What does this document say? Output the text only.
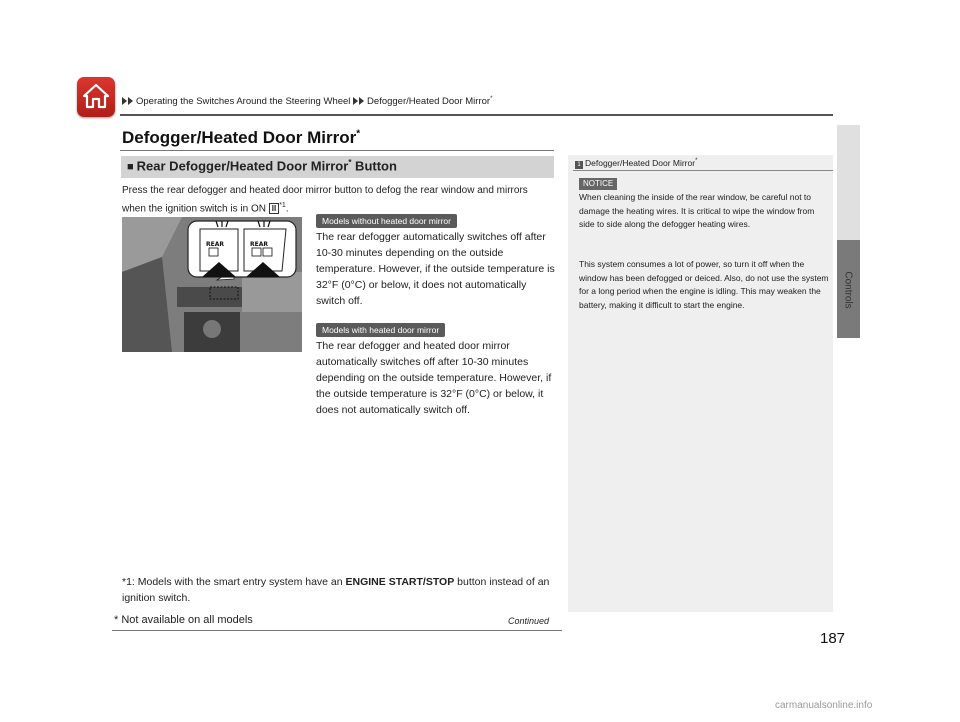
Operating the Switches Around the Steering Wheel Defogger/Heated Door Mirror*
Controls
Defogger/Heated Door Mirror*
■ Rear Defogger/Heated Door Mirror* Button
Press the rear defogger and heated door mirror button to defog the rear window and mirrors when the ignition switch is in ON II $^{*1}$.
REAR	REAR
Models without heated door mirror
The rear defogger automatically switches off after 10-30 minutes depending on the outside temperature. However, if the outside temperature is 32°F (0°C) or below, it does not automatically switch off.
Models with heated door mirror
The rear defogger and heated door mirror automatically switches off after 10-30 minutes depending on the outside temperature. However, if the outside temperature is 32°F (0°C) or below, it does not automatically switch off.
*1: Models with the smart entry system have an ENGINE START/STOP button instead of an ignition switch.
1 Defogger/Heated Door Mirror*
NOTICE
When cleaning the inside of the rear window, be careful not to damage the heating wires. It is critical to wipe the window from side to side along the defogger heating wires.
This system consumes a lot of power, so turn it off when the window has been defogged or deiced. Also, do not use the system for a long period when the engine is idling. This may weaken the battery, making it difficult to start the engine.
Continued
187
* Not available on all models
carmanualsonline.info
